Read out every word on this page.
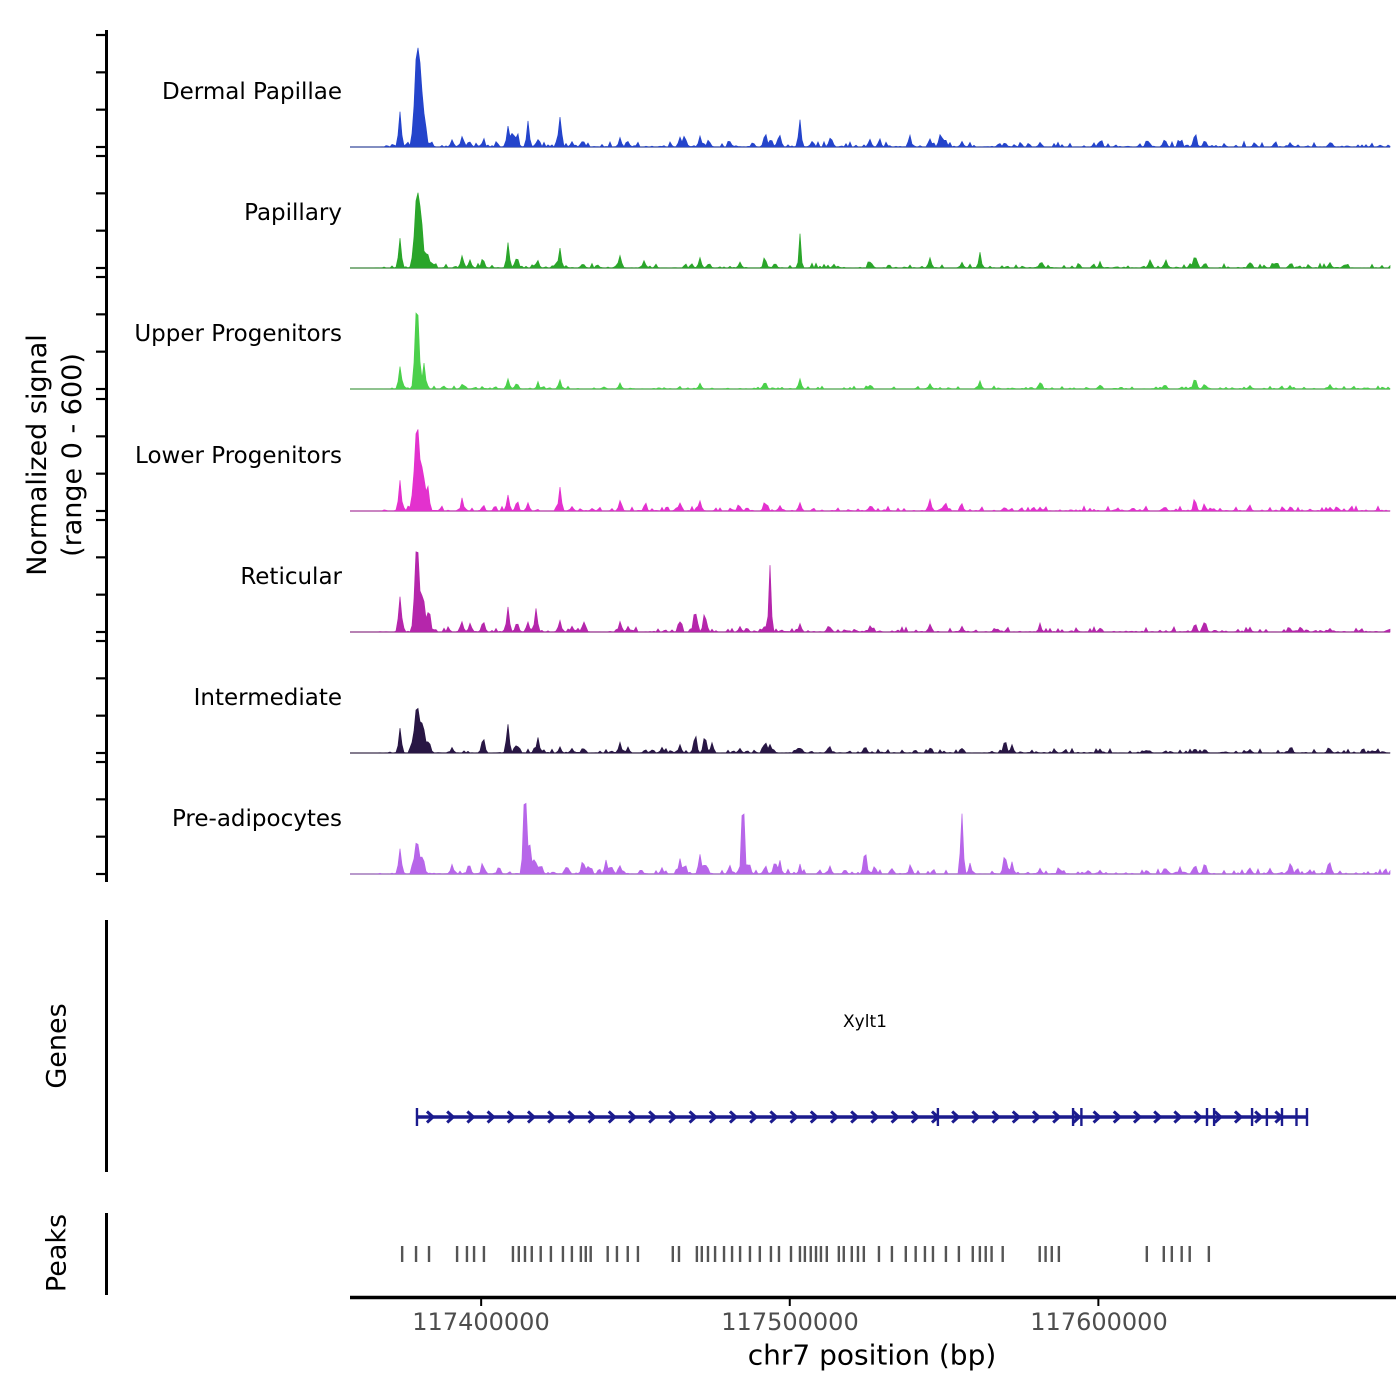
Normalized signal (range 0 - 600)
Dermal Papillae
Papillary
Upper Progenitors
Lower Progenitors
Reticular
Intermediate
Pre-adipocytes
Genes
Peaks
Xylt1
117400000	117500000	117600000
chr7 position (bp)
